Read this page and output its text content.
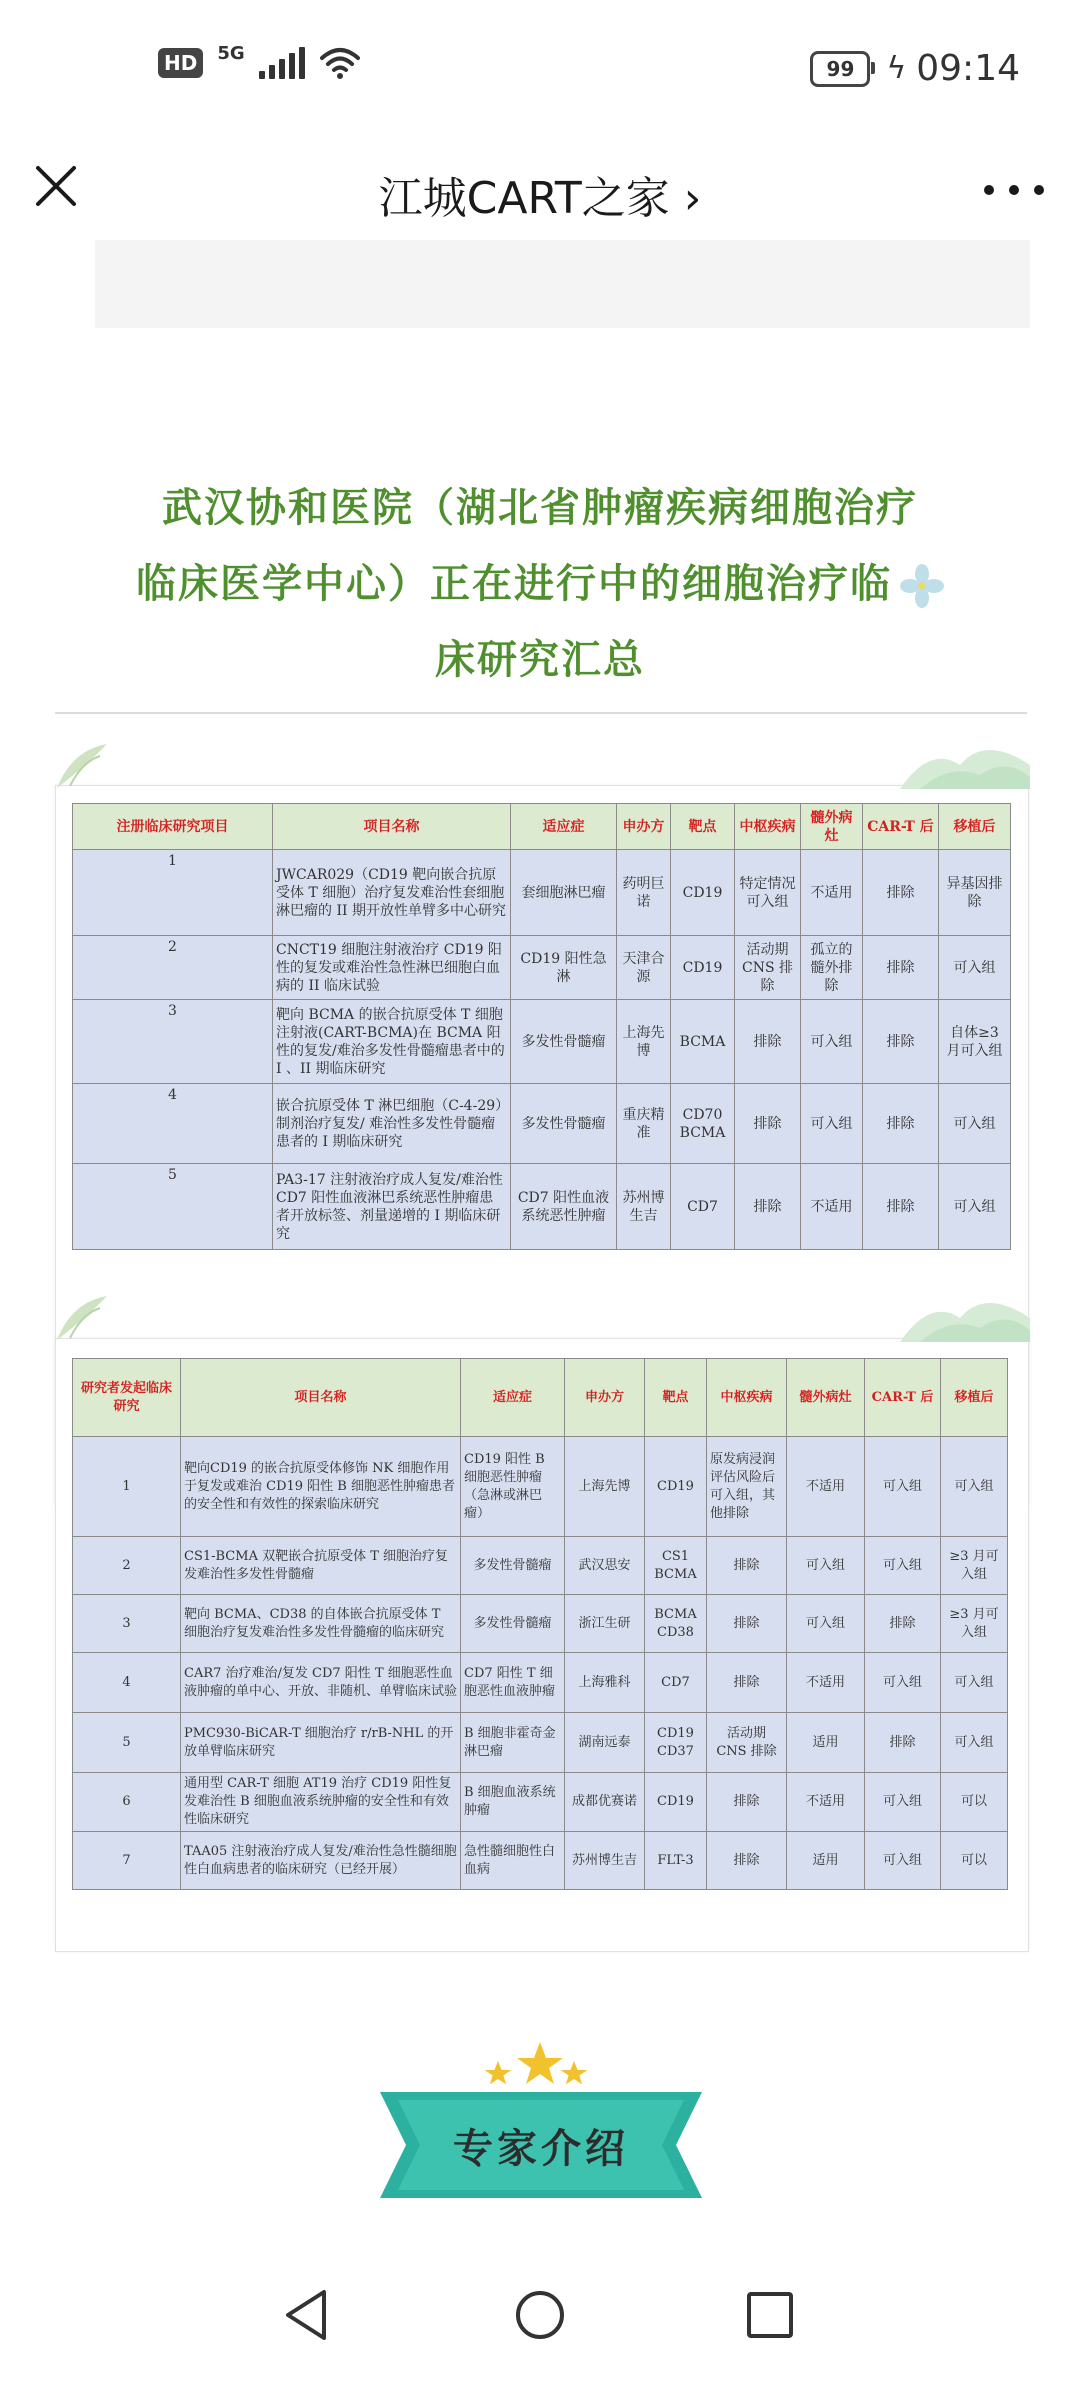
HD	5G
99 ϟ 09:14
江城CART之家 ›
武汉协和医院（湖北省肿瘤疾病细胞治疗
临床医学中心）正在进行中的细胞治疗临
床研究汇总
注册临床研究项目	项目名称	适应症	申办方	靶点	中枢疾病	髓外病灶	CAR-T 后	移植后
1	JWCAR029（CD19 靶向嵌合抗原受体 T 细胞）治疗复发难治性套细胞淋巴瘤的 II 期开放性单臂多中心研究	套细胞淋巴瘤	药明巨诺	CD19	特定情况可入组	不适用	排除	异基因排除
2	CNCT19 细胞注射液治疗 CD19 阳性的复发或难治性急性淋巴细胞白血病的 II 临床试验	CD19 阳性急淋	天津合源	CD19	活动期 CNS 排除	孤立的髓外排除	排除	可入组
3	靶向 BCMA 的嵌合抗原受体 T 细胞注射液(CART-BCMA)在 BCMA 阳性的复发/难治多发性骨髓瘤患者中的 I 、II 期临床研究	多发性骨髓瘤	上海先博	BCMA	排除	可入组	排除	自体≥3 月可入组
4	嵌合抗原受体 T 淋巴细胞（C-4-29）制剂治疗复发/ 难治性多发性骨髓瘤患者的 I 期临床研究	多发性骨髓瘤	重庆精准	CD70 BCMA	排除	可入组	排除	可入组
5	PA3-17 注射液治疗成人复发/难治性 CD7 阳性血液淋巴系统恶性肿瘤患者开放标签、剂量递增的 I 期临床研究	CD7 阳性血液系统恶性肿瘤	苏州博生吉	CD7	排除	不适用	排除	可入组
研究者发起临床研究	项目名称	适应症	申办方	靶点	中枢疾病	髓外病灶	CAR-T 后	移植后
1	靶向CD19 的嵌合抗原受体修饰 NK 细胞作用于复发或难治 CD19 阳性 B 细胞恶性肿瘤患者的安全性和有效性的探索临床研究	CD19 阳性 B 细胞恶性肿瘤（急淋或淋巴瘤）	上海先博	CD19	原发病浸润评估风险后可入组，其他排除	不适用	可入组	可入组
2	CS1-BCMA 双靶嵌合抗原受体 T 细胞治疗复发难治性多发性骨髓瘤	多发性骨髓瘤	武汉思安	CS1 BCMA	排除	可入组	可入组	≥3 月可入组
3	靶向 BCMA、CD38 的自体嵌合抗原受体 T 细胞治疗复发难治性多发性骨髓瘤的临床研究	多发性骨髓瘤	浙江生研	BCMA CD38	排除	可入组	排除	≥3 月可入组
4	CAR7 治疗难治/复发 CD7 阳性 T 细胞恶性血液肿瘤的单中心、开放、非随机、单臂临床试验	CD7 阳性 T 细胞恶性血液肿瘤	上海雅科	CD7	排除	不适用	可入组	可入组
5	PMC930-BiCAR-T 细胞治疗 r/rB-NHL 的开放单臂临床研究	B 细胞非霍奇金淋巴瘤	湖南远泰	CD19 CD37	活动期 CNS 排除	适用	排除	可入组
6	通用型 CAR-T 细胞 AT19 治疗 CD19 阳性复发难治性 B 细胞血液系统肿瘤的安全性和有效性临床研究	B 细胞血液系统肿瘤	成都优赛诺	CD19	排除	不适用	可入组	可以
7	TAA05 注射液治疗成人复发/难治性急性髓细胞性白血病患者的临床研究（已经开展）	急性髓细胞性白血病	苏州博生吉	FLT-3	排除	适用	可入组	可以
专家介绍
